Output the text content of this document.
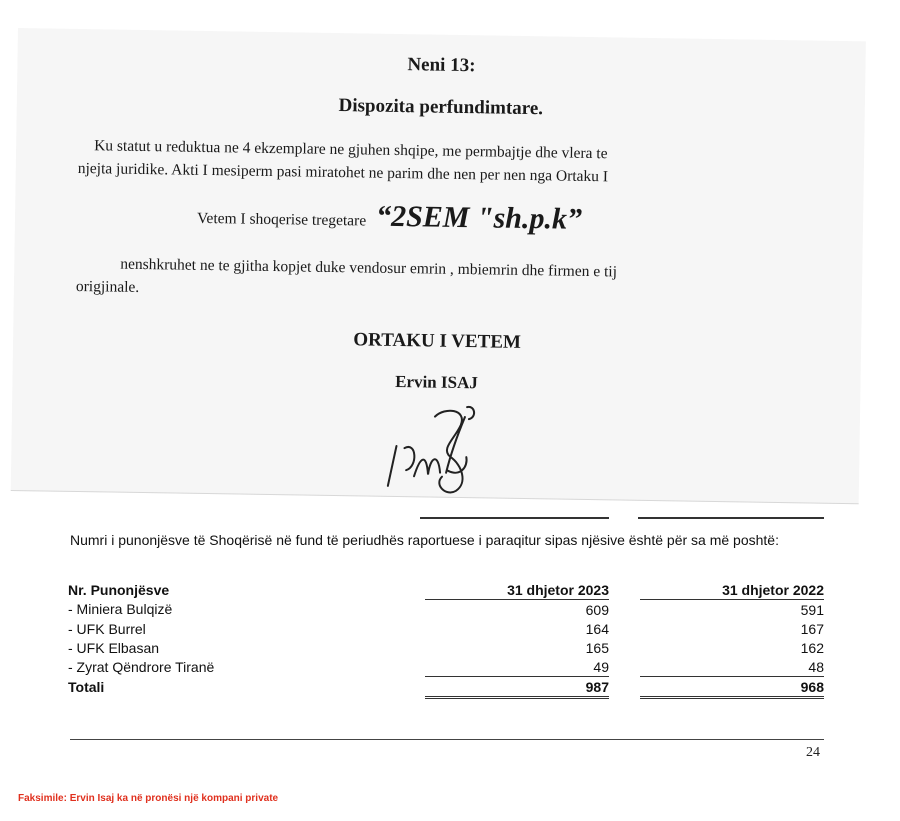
Neni 13:
Dispozita perfundimtare.
Ku statut u reduktua ne 4 ekzemplare ne gjuhen shqipe, me permbajtje dhe vlera te
njejta juridike. Akti I mesiperm pasi miratohet ne parim dhe nen per nen nga Ortaku I
Vetem I shoqerise tregetare “2SEM "sh.p.k”
nenshkruhet ne te gjitha kopjet duke vendosur emrin , mbiemrin dhe firmen e tij
origjinale.
ORTAKU I VETEM
Ervin ISAJ
Numri i punonjësve të Shoqërisë në fund të periudhës raportuese i paraqitur sipas njësive është për sa më poshtë:
Nr. Punonjësve		31 dhjetor 2023		31 dhjetor 2022
- Miniera Bulqizë		609		591
- UFK Burrel		164		167
- UFK Elbasan		165		162
- Zyrat Qëndrore Tiranë		49		48
Totali		987		968
24
Faksimile: Ervin Isaj ka në pronësi një kompani private
